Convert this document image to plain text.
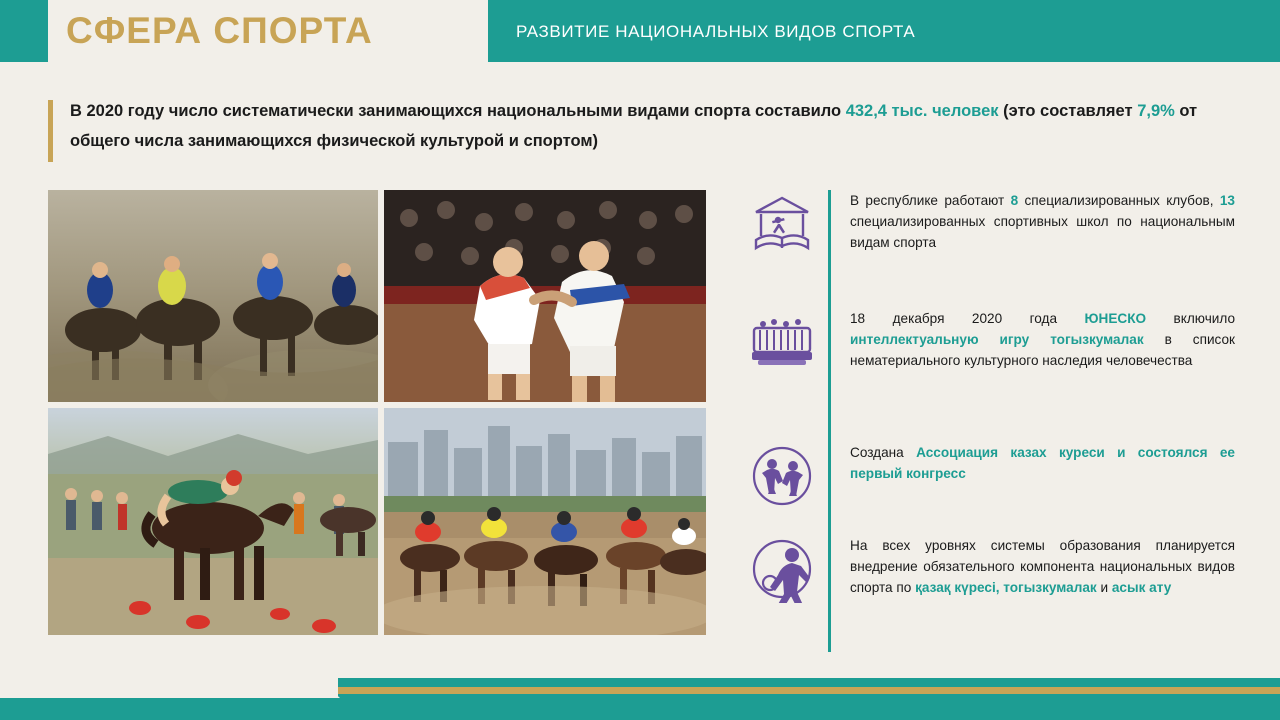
СФЕРА СПОРТА	РАЗВИТИЕ НАЦИОНАЛЬНЫХ ВИДОВ СПОРТА
В 2020 году число систематически занимающихся национальными видами спорта составило 432,4 тыс. человек (это составляет 7,9% от общего числа занимающихся физической культурой и спортом)
В республике работают 8 специализированных клубов, 13 специализированных спортивных школ по национальным видам спорта
18 декабря 2020 года ЮНЕСКО включило интеллектуальную игру тогызкумалак в список нематериального культурного наследия человечества
Создана Ассоциация казах куреси и состоялся ее первый конгресс
На всех уровнях системы образования планируется внедрение обязательного компонента национальных видов спорта по қазақ күресі, тогызкумалак и асык ату
